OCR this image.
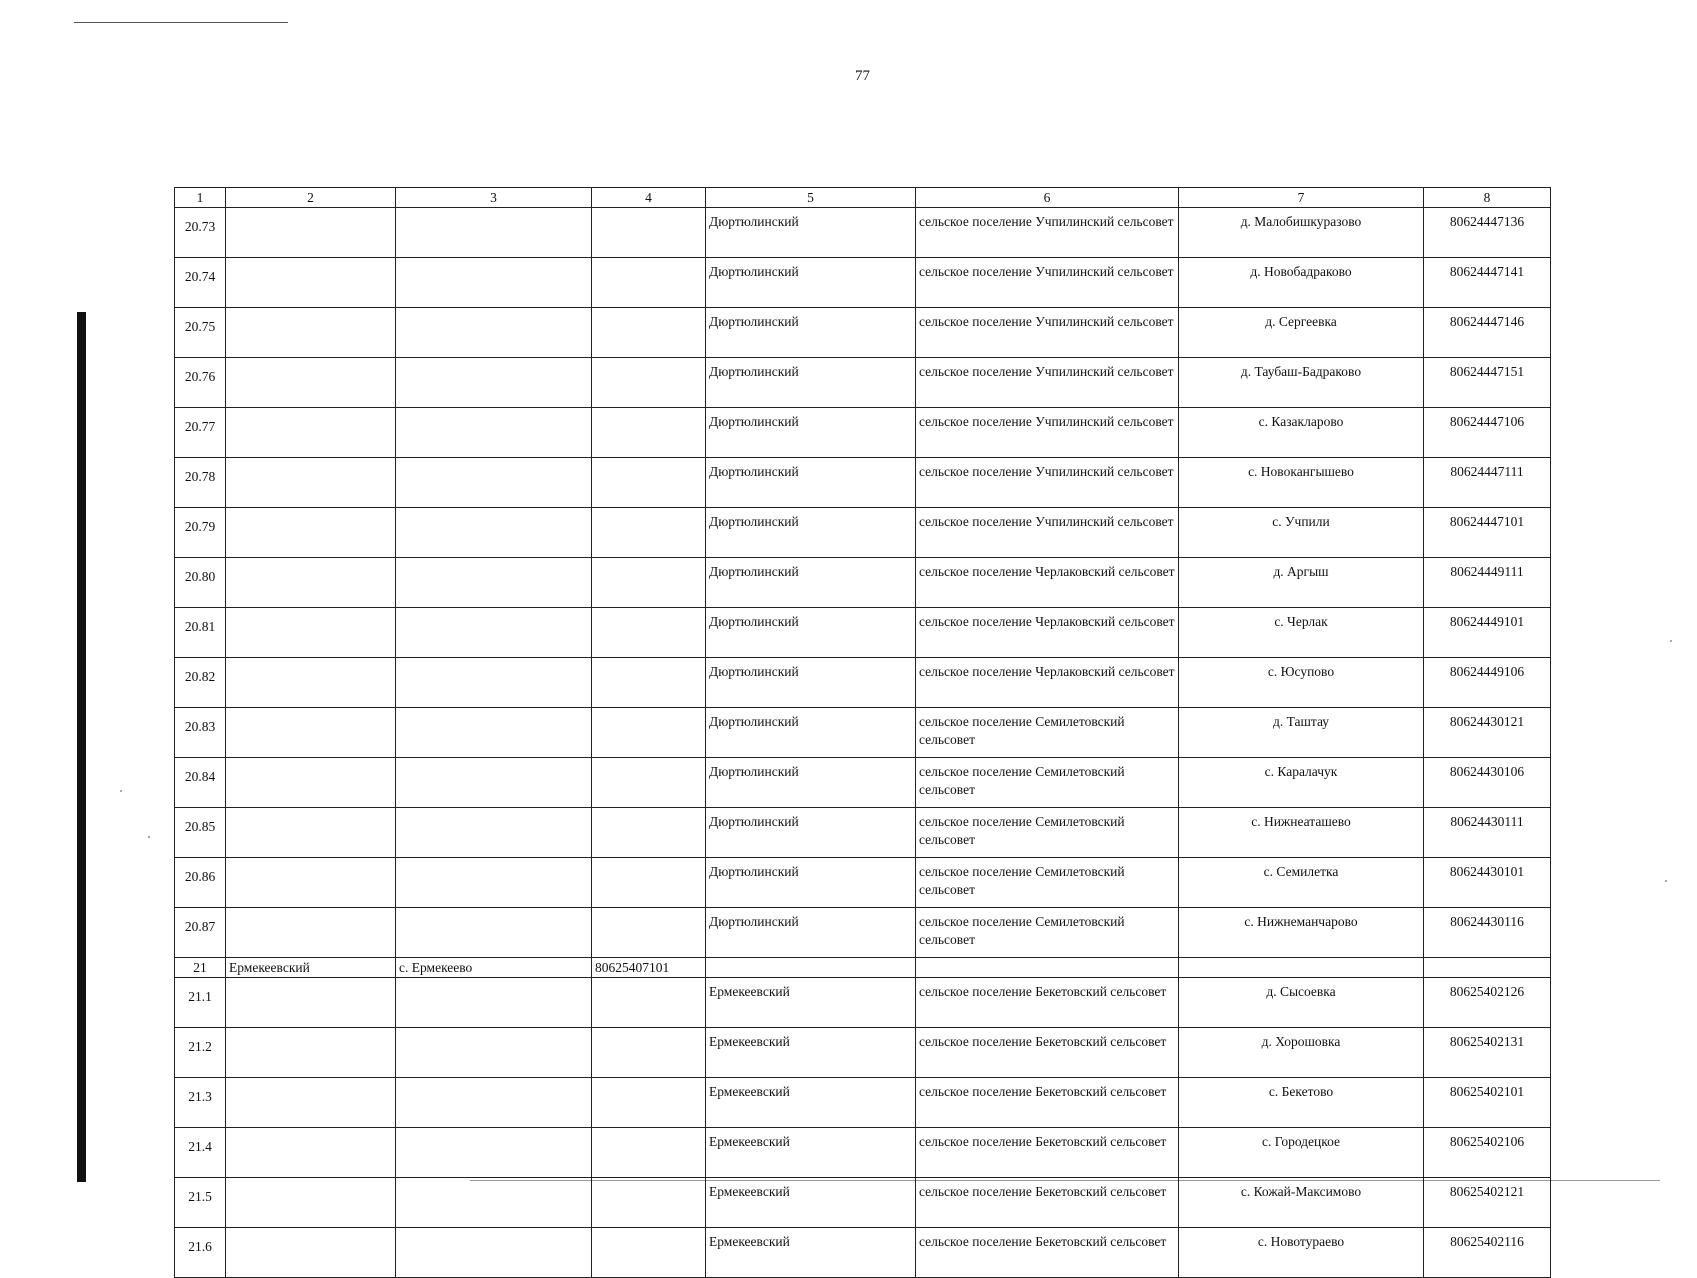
77
1	2	3	4	5	6	7	8
20.73				Дюртюлинский	сельское поселение Учпилинский сельсовет	д. Малобишкуразово	80624447136
20.74				Дюртюлинский	сельское поселение Учпилинский сельсовет	д. Новобадраково	80624447141
20.75				Дюртюлинский	сельское поселение Учпилинский сельсовет	д. Сергеевка	80624447146
20.76				Дюртюлинский	сельское поселение Учпилинский сельсовет	д. Таубаш-Бадраково	80624447151
20.77				Дюртюлинский	сельское поселение Учпилинский сельсовет	с. Казакларово	80624447106
20.78				Дюртюлинский	сельское поселение Учпилинский сельсовет	с. Новокангышево	80624447111
20.79				Дюртюлинский	сельское поселение Учпилинский сельсовет	с. Учпили	80624447101
20.80				Дюртюлинский	сельское поселение Черлаковский сельсовет	д. Аргыш	80624449111
20.81				Дюртюлинский	сельское поселение Черлаковский сельсовет	с. Черлак	80624449101
20.82				Дюртюлинский	сельское поселение Черлаковский сельсовет	с. Юсупово	80624449106
20.83				Дюртюлинский	сельское поселение Семилетовский сельсовет	д. Таштау	80624430121
20.84				Дюртюлинский	сельское поселение Семилетовский сельсовет	с. Каралачук	80624430106
20.85				Дюртюлинский	сельское поселение Семилетовский сельсовет	с. Нижнеаташево	80624430111
20.86				Дюртюлинский	сельское поселение Семилетовский сельсовет	с. Семилетка	80624430101
20.87				Дюртюлинский	сельское поселение Семилетовский сельсовет	с. Нижнеманчарово	80624430116
21	Ермекеевский	с. Ермекеево	80625407101				
21.1				Ермекеевский	сельское поселение Бекетовский сельсовет	д. Сысоевка	80625402126
21.2				Ермекеевский	сельское поселение Бекетовский сельсовет	д. Хорошовка	80625402131
21.3				Ермекеевский	сельское поселение Бекетовский сельсовет	с. Бекетово	80625402101
21.4				Ермекеевский	сельское поселение Бекетовский сельсовет	с. Городецкое	80625402106
21.5				Ермекеевский	сельское поселение Бекетовский сельсовет	с. Кожай-Максимово	80625402121
21.6				Ермекеевский	сельское поселение Бекетовский сельсовет	с. Новотураево	80625402116
